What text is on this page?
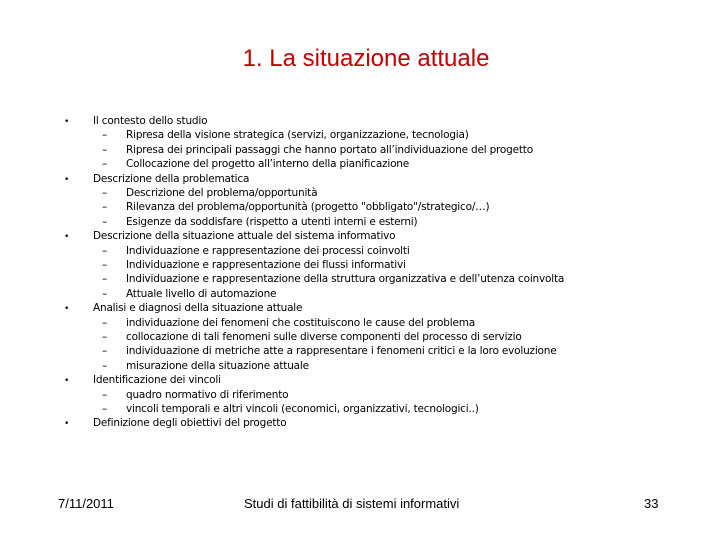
1. La situazione attuale
• Il contesto dello studio
– Ripresa della visione strategica (servizi, organizzazione, tecnologia)
– Ripresa dei principali passaggi che hanno portato all’individuazione del progetto
– Collocazione del progetto all’interno della pianificazione
• Descrizione della problematica
– Descrizione del problema/opportunità
– Rilevanza del problema/opportunità (progetto "obbligato"/strategico/…)
– Esigenze da soddisfare (rispetto a utenti interni e esterni)
• Descrizione della situazione attuale del sistema informativo
– Individuazione e rappresentazione dei processi coinvolti
– Individuazione e rappresentazione dei flussi informativi
– Individuazione e rappresentazione della struttura organizzativa e dell’utenza coinvolta
– Attuale livello di automazione
• Analisi e diagnosi della situazione attuale
– individuazione dei fenomeni che costituiscono le cause del problema
– collocazione di tali fenomeni sulle diverse componenti del processo di servizio
– individuazione di metriche atte a rappresentare i fenomeni critici e la loro evoluzione
– misurazione della situazione attuale
• Identificazione dei vincoli
– quadro normativo di riferimento
– vincoli temporali e altri vincoli (economici, organizzativi, tecnologici..)
• Definizione degli obiettivi del progetto
7/11/2011	Studi di fattibilità di sistemi informativi	33
